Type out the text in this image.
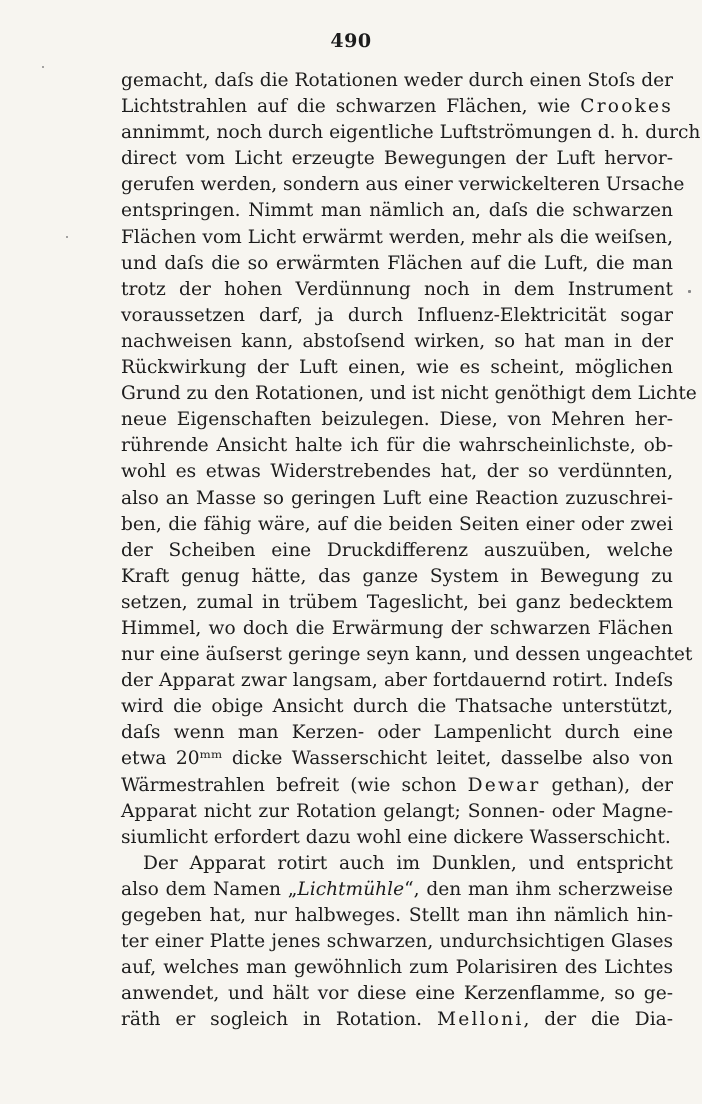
490
gemacht, daſs die Rotationen weder durch einen Stoſs der
Lichtstrahlen auf die schwarzen Flächen, wie Crookes
annimmt, noch durch eigentliche Luftströmungen d. h. durch
direct vom Licht erzeugte Bewegungen der Luft hervor-
gerufen werden, sondern aus einer verwickelteren Ursache
entspringen. Nimmt man nämlich an, daſs die schwarzen
Flächen vom Licht erwärmt werden, mehr als die weiſsen,
und daſs die so erwärmten Flächen auf die Luft, die man
trotz der hohen Verdünnung noch in dem Instrument
voraussetzen darf, ja durch Influenz-Elektricität sogar
nachweisen kann, abstoſsend wirken, so hat man in der
Rückwirkung der Luft einen, wie es scheint, möglichen
Grund zu den Rotationen, und ist nicht genöthigt dem Lichte
neue Eigenschaften beizulegen. Diese, von Mehren her-
rührende Ansicht halte ich für die wahrscheinlichste, ob-
wohl es etwas Widerstrebendes hat, der so verdünnten,
also an Masse so geringen Luft eine Reaction zuzuschrei-
ben, die fähig wäre, auf die beiden Seiten einer oder zwei
der Scheiben eine Druckdifferenz auszuüben, welche
Kraft genug hätte, das ganze System in Bewegung zu
setzen, zumal in trübem Tageslicht, bei ganz bedecktem
Himmel, wo doch die Erwärmung der schwarzen Flächen
nur eine äuſserst geringe seyn kann, und dessen ungeachtet
der Apparat zwar langsam, aber fortdauernd rotirt. Indeſs
wird die obige Ansicht durch die Thatsache unterstützt,
daſs wenn man Kerzen- oder Lampenlicht durch eine
etwa 20ᵐᵐ dicke Wasserschicht leitet, dasselbe also von
Wärmestrahlen befreit (wie schon Dewar gethan), der
Apparat nicht zur Rotation gelangt; Sonnen- oder Magne-
siumlicht erfordert dazu wohl eine dickere Wasserschicht.
Der Apparat rotirt auch im Dunklen, und entspricht
also dem Namen „Lichtmühle“, den man ihm scherzweise
gegeben hat, nur halbweges. Stellt man ihn nämlich hin-
ter einer Platte jenes schwarzen, undurchsichtigen Glases
auf, welches man gewöhnlich zum Polarisiren des Lichtes
anwendet, und hält vor diese eine Kerzenflamme, so ge-
räth er sogleich in Rotation. Melloni, der die Dia-
